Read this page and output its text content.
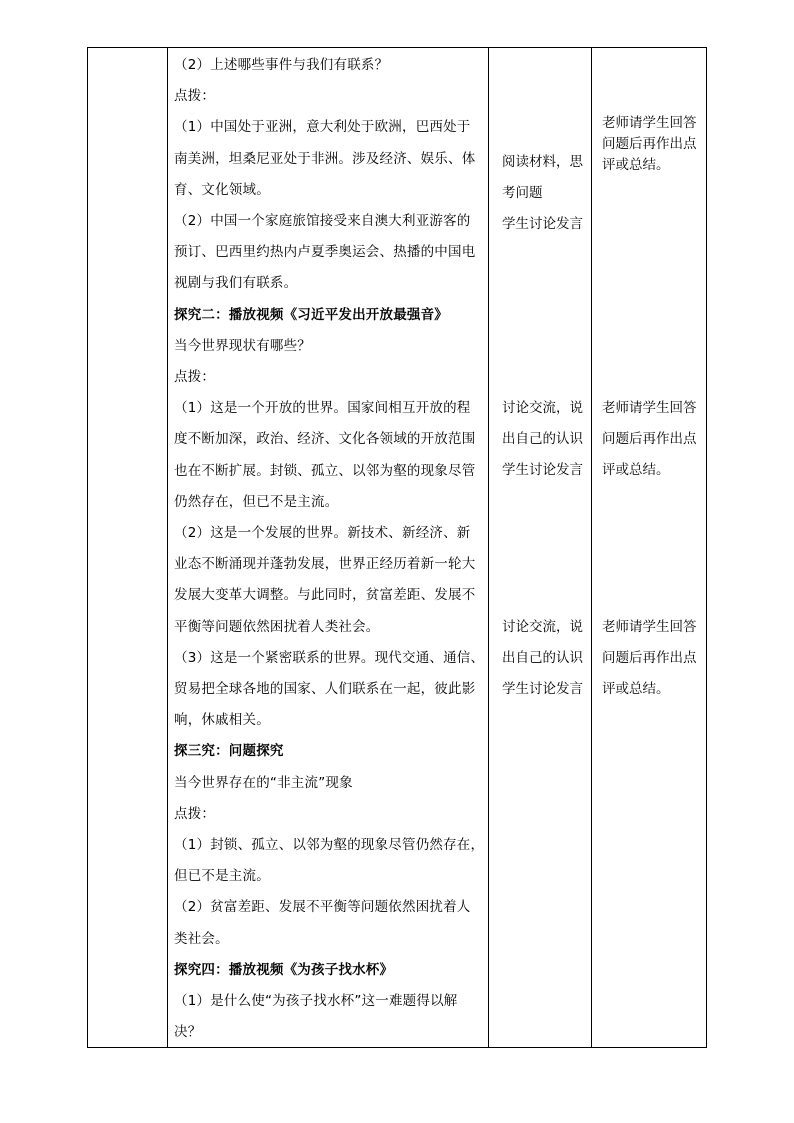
（2）上述哪些事件与我们有联系？
点拨：
（1）中国处于亚洲，意大利处于欧洲，巴西处于
南美洲，坦桑尼亚处于非洲。涉及经济、娱乐、体
育、文化领域。
（2）中国一个家庭旅馆接受来自澳大利亚游客的
预订、巴西里约热内卢夏季奥运会、热播的中国电
视剧与我们有联系。
探究二：播放视频《习近平发出开放最强音》
当今世界现状有哪些？
点拨：
（1）这是一个开放的世界。国家间相互开放的程
度不断加深，政治、经济、文化各领域的开放范围
也在不断扩展。封锁、孤立、以邻为壑的现象尽管
仍然存在，但已不是主流。
（2）这是一个发展的世界。新技术、新经济、新
业态不断涌现并蓬勃发展，世界正经历着新一轮大
发展大变革大调整。与此同时，贫富差距、发展不
平衡等问题依然困扰着人类社会。
（3）这是一个紧密联系的世界。现代交通、通信、
贸易把全球各地的国家、人们联系在一起，彼此影
响，休戚相关。
探三究：问题探究
当今世界存在的“非主流”现象
点拨：
（1）封锁、孤立、以邻为壑的现象尽管仍然存在，
但已不是主流。
（2）贫富差距、发展不平衡等问题依然困扰着人
类社会。
探究四：播放视频《为孩子找水杯》
（1）是什么使“为孩子找水杯”这一难题得以解
决？
阅读材料，思
考问题
学生讨论发言
讨论交流，说
出自己的认识
学生讨论发言
讨论交流，说
出自己的认识
学生讨论发言
老师请学生回答
问题后再作出点
评或总结。
老师请学生回答
问题后再作出点
评或总结。
老师请学生回答
问题后再作出点
评或总结。
